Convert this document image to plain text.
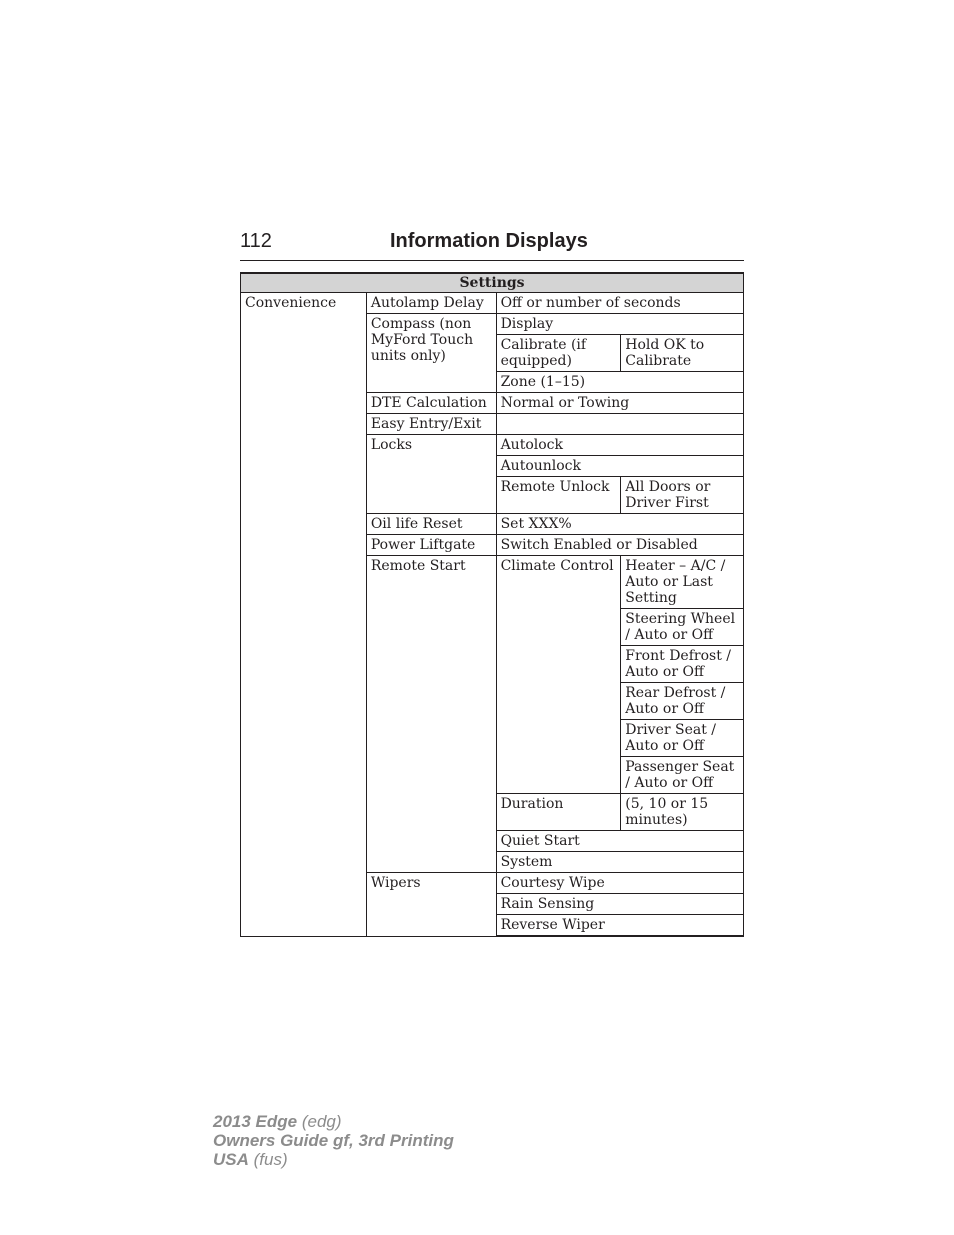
112	Information Displays
Settings			
Convenience	Autolamp Delay	Off or number of seconds	
	Compass (non MyFord Touch units only)	Display	
		Calibrate (if equipped)	Hold OK to Calibrate
		Zone (1–15)	
	DTE Calculation	Normal or Towing	
	Easy Entry/Exit		
	Locks	Autolock	
		Autounlock	
		Remote Unlock	All Doors or Driver First
	Oil life Reset	Set XXX%	
	Power Liftgate	Switch Enabled or Disabled	
	Remote Start	Climate Control	Heater – A/C / Auto or Last Setting
			Steering Wheel / Auto or Off
			Front Defrost / Auto or Off
			Rear Defrost / Auto or Off
			Driver Seat / Auto or Off
			Passenger Seat / Auto or Off
		Duration	(5, 10 or 15 minutes)
		Quiet Start	
		System	
	Wipers	Courtesy Wipe	
		Rain Sensing	
		Reverse Wiper	
2013 Edge (edg)
Owners Guide gf, 3rd Printing
USA (fus)
